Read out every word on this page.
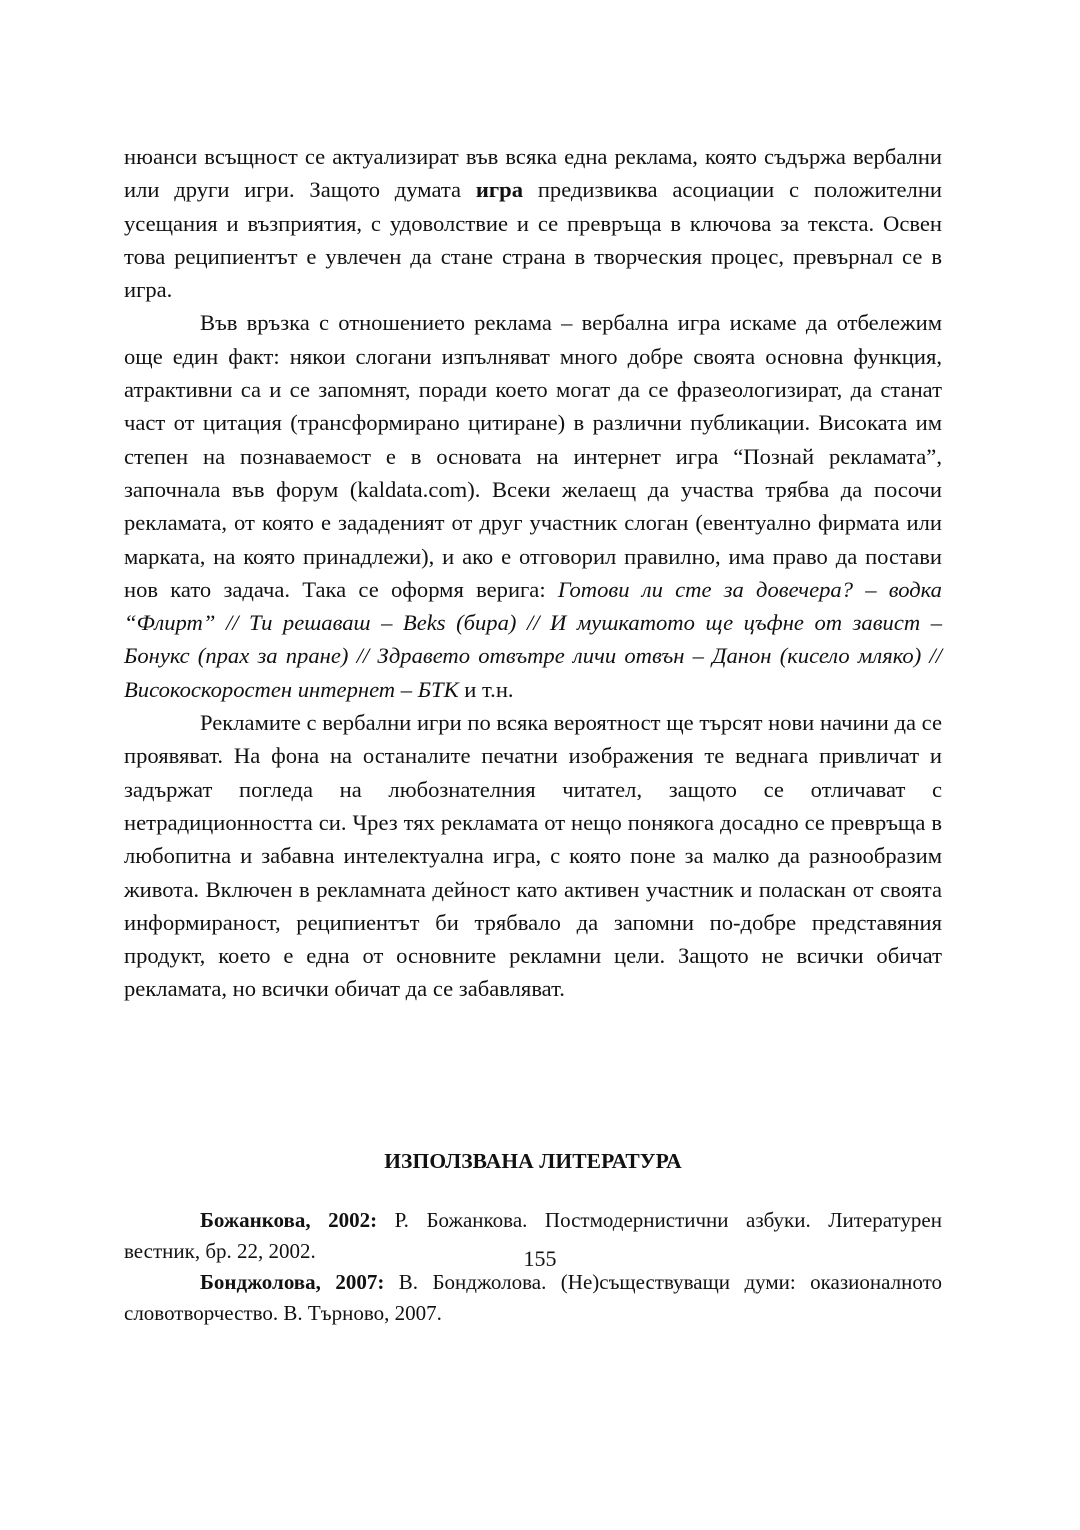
нюанси всъщност се актуализират във всяка една реклама, която съдържа вербални или други игри. Защото думата игра предизвиква асоциации с положителни усещания и възприятия, с удоволствие и се превръща в ключова за текста. Освен това реципиентът е увлечен да стане страна в творческия процес, превърнал се в игра.

Във връзка с отношението реклама – вербална игра искаме да отбележим още един факт: някои слогани изпълняват много добре своята основна функция, атрактивни са и се запомнят, поради което могат да се фразеологизират, да станат част от цитация (трансформирано цитиране) в различни публикации. Високата им степен на познаваемост е в основата на интернет игра “Познай рекламата”, започнала във форум (kaldata.com). Всеки желаещ да участва трябва да посочи рекламата, от която е зададеният от друг участник слоган (евентуално фирмата или марката, на която принадлежи), и ако е отговорил правилно, има право да постави нов като задача. Така се оформя верига: Готови ли сте за довечера? – водка “Флирт” // Ти решаваш – Beks (бира) // И мушкатото ще цъфне от завист – Бонукс (прах за пране) // Здравето отвътре личи отвън – Данон (кисело мляко) // Високоскоростен интернет – БТК и т.н.

Рекламите с вербални игри по всяка вероятност ще търсят нови начини да се проявяват. На фона на останалите печатни изображения те веднага привличат и задържат погледа на любознателния читател, защото се отличават с нетрадиционността си. Чрез тях рекламата от нещо понякога досадно се превръща в любопитна и забавна интелектуална игра, с която поне за малко да разнообразим живота. Включен в рекламната дейност като активен участник и поласкан от своята информираност, реципиентът би трябвало да запомни по-добре представяния продукт, което е една от основните рекламни цели. Защото не всички обичат рекламата, но всички обичат да се забавляват.

ИЗПОЛЗВАНА ЛИТЕРАТУРА

Божанкова, 2002: Р. Божанкова. Постмодернистични азбуки. Литературен вестник, бр. 22, 2002.

Бонджолова, 2007: В. Бонджолова. (Не)съществуващи думи: оказионалното словотворчество. В. Търново, 2007.

155
